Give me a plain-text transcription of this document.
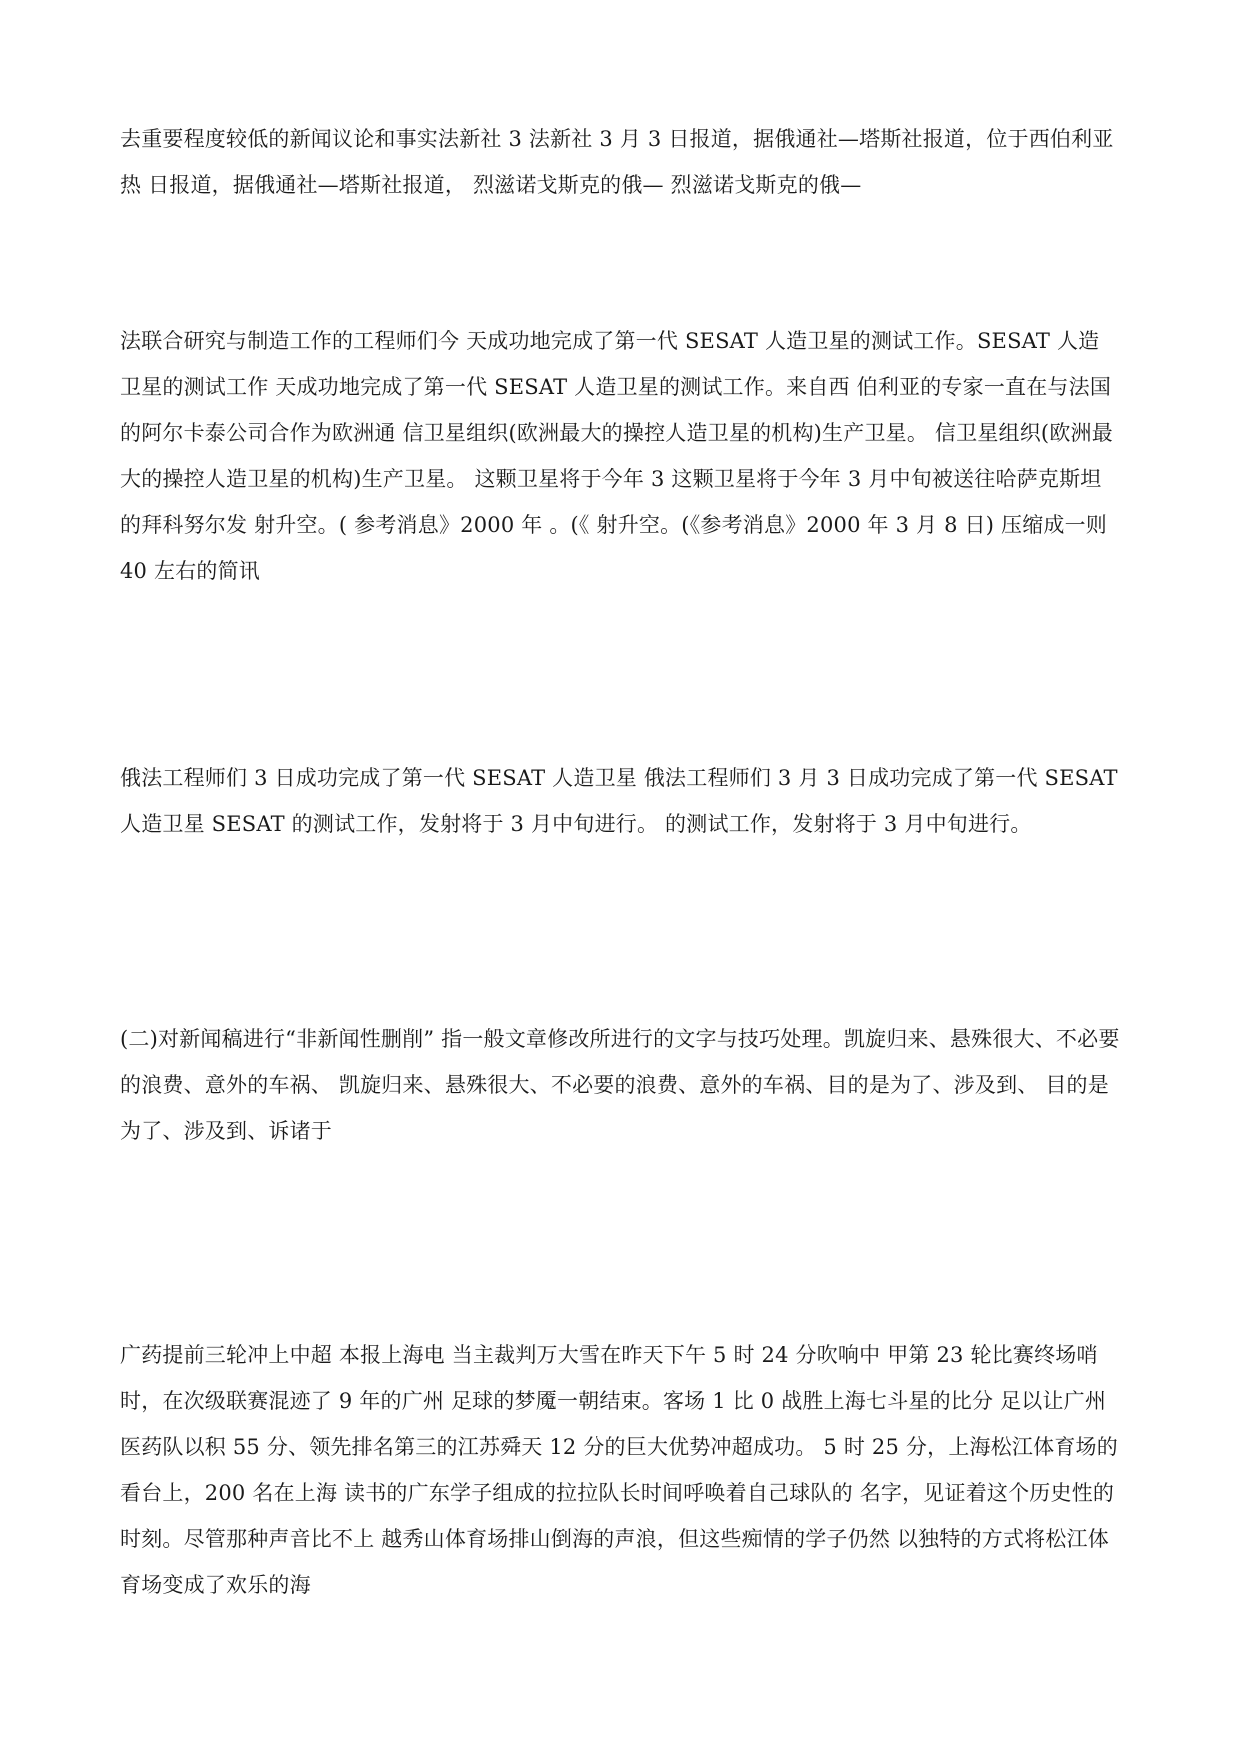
去重要程度较低的新闻议论和事实法新社 3 法新社 3 月 3 日报道，据俄通社—塔斯社报道，位于西伯利亚热 日报道，据俄通社—塔斯社报道， 烈滋诺戈斯克的俄— 烈滋诺戈斯克的俄—

法联合研究与制造工作的工程师们今 天成功地完成了第一代 SESAT 人造卫星的测试工作。SESAT 人造卫星的测试工作 天成功地完成了第一代 SESAT 人造卫星的测试工作。来自西 伯利亚的专家一直在与法国的阿尔卡泰公司合作为欧洲通 信卫星组织(欧洲最大的操控人造卫星的机构)生产卫星。 信卫星组织(欧洲最大的操控人造卫星的机构)生产卫星。 这颗卫星将于今年 3 这颗卫星将于今年 3 月中旬被送往哈萨克斯坦的拜科努尔发 射升空。( 参考消息》2000 年 。(《 射升空。(《参考消息》2000 年 3 月 8 日) 压缩成一则 40 左右的简讯

俄法工程师们 3 日成功完成了第一代 SESAT 人造卫星 俄法工程师们 3 月 3 日成功完成了第一代 SESAT 人造卫星 SESAT 的测试工作，发射将于 3 月中旬进行。 的测试工作，发射将于 3 月中旬进行。

(二)对新闻稿进行“非新闻性删削” 指一般文章修改所进行的文字与技巧处理。凯旋归来、悬殊很大、不必要的浪费、意外的车祸、 凯旋归来、悬殊很大、不必要的浪费、意外的车祸、目的是为了、涉及到、 目的是为了、涉及到、诉诸于

广药提前三轮冲上中超 本报上海电 当主裁判万大雪在昨天下午 5 时 24 分吹响中 甲第 23 轮比赛终场哨时，在次级联赛混迹了 9 年的广州 足球的梦魇一朝结束。客场 1 比 0 战胜上海七斗星的比分 足以让广州医药队以积 55 分、领先排名第三的江苏舜天 12 分的巨大优势冲超成功。 5 时 25 分，上海松江体育场的看台上，200 名在上海 读书的广东学子组成的拉拉队长时间呼唤着自己球队的 名字，见证着这个历史性的时刻。尽管那种声音比不上 越秀山体育场排山倒海的声浪，但这些痴情的学子仍然 以独特的方式将松江体育场变成了欢乐的海
